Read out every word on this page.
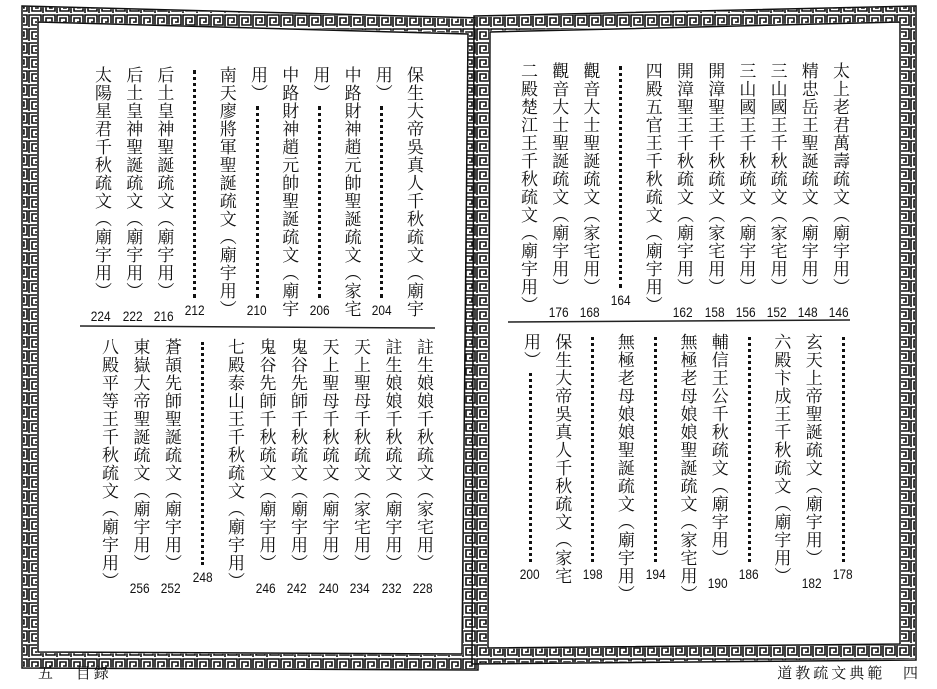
保生大帝吳真人千秋疏文（廟宇
用）
204
中路財神趙元帥聖誕疏文（家宅
用）
206
中路財神趙元帥聖誕疏文（廟宇
用）
210
南天廖將軍聖誕疏文（廟宇用）
212
后土皇神聖誕疏文（廟宇用）
216
后土皇神聖誕疏文（廟宇用）
222
太陽星君千秋疏文（廟宇用）
224
註生娘娘千秋疏文（家宅用）
228
註生娘娘千秋疏文（廟宇用）
232
天上聖母千秋疏文（家宅用）
234
天上聖母千秋疏文（廟宇用）
240
鬼谷先師千秋疏文（廟宇用）
242
鬼谷先師千秋疏文（廟宇用）
246
七殿泰山王千秋疏文（廟宇用）
248
蒼頡先師聖誕疏文（廟宇用）
252
東嶽大帝聖誕疏文（廟宇用）
256
八殿平等王千秋疏文（廟宇用）
太上老君萬壽疏文（廟宇用）
146
精忠岳王聖誕疏文（廟宇用）
148
三山國王千秋疏文（家宅用）
152
三山國王千秋疏文（廟宇用）
156
開漳聖王千秋疏文（家宅用）
158
開漳聖王千秋疏文（廟宇用）
162
四殿五官王千秋疏文（廟宇用）
164
觀音大士聖誕疏文（家宅用）
168
觀音大士聖誕疏文（廟宇用）
176
二殿楚江王千秋疏文（廟宇用）
178
玄天上帝聖誕疏文（廟宇用）
182
六殿卞成王千秋疏文（廟宇用）
186
輔信王公千秋疏文（廟宇用）
190
無極老母娘娘聖誕疏文（家宅用）
194
無極老母娘娘聖誕疏文（廟宇用）
198
保生大帝吳真人千秋疏文（家宅
用）
200
五 目錄	道教疏文典範 四
